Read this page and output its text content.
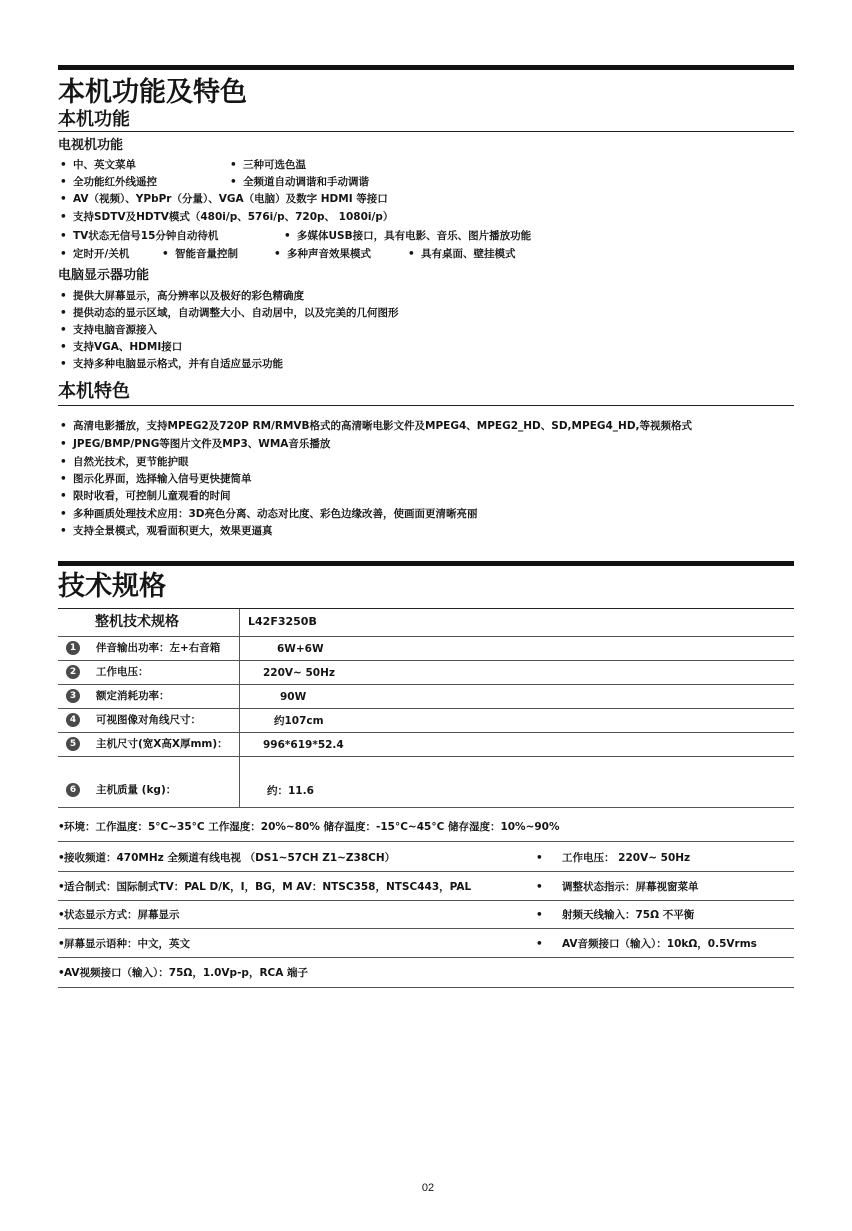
本机功能及特色
本机功能
电视机功能
• 中、英文菜单	• 三种可选色温
• 全功能红外线遥控	• 全频道自动调谐和手动调谐
• AV（视频）、YPbPr（分量）、VGA（电脑）及数字 HDMI 等接口
• 支持SDTV及HDTV模式（480i/p、576i/p、720p、 1080i/p）
• TV状态无信号15分钟自动待机	• 多媒体USB接口，具有电影、音乐、图片播放功能
• 定时开/关机	• 智能音量控制	• 多种声音效果模式	• 具有桌面、壁挂模式
电脑显示器功能
• 提供大屏幕显示，高分辨率以及极好的彩色精确度
• 提供动态的显示区域，自动调整大小、自动居中，以及完美的几何图形
• 支持电脑音源接入
• 支持VGA、HDMI接口
• 支持多种电脑显示格式，并有自适应显示功能
本机特色
• 高清电影播放，支持MPEG2及720P RM/RMVB格式的高清晰电影文件及MPEG4、MPEG2_HD、SD,MPEG4_HD,等视频格式
• JPEG/BMP/PNG等图片文件及MP3、WMA音乐播放
• 自然光技术，更节能护眼
• 图示化界面，选择输入信号更快捷简单
• 限时收看，可控制儿童观看的时间
• 多种画质处理技术应用：3D亮色分离、动态对比度、彩色边缘改善，使画面更清晰亮丽
• 支持全景模式，观看面积更大，效果更逼真
技术规格
整机技术规格	L42F3250B
1	伴音输出功率：左+右音箱	6W+6W
2	工作电压：	220V~ 50Hz
3	额定消耗功率：	90W
4	可视图像对角线尺寸：	约107cm
5	主机尺寸(宽X高X厚mm)：	996*619*52.4
6	主机质量 (kg)：	约：11.6
• 环境：工作温度：5°C~35°C 工作湿度：20%~80% 储存温度：-15°C~45°C 储存湿度：10%~90%
• 接收频道：470MHz 全频道有线电视 （DS1~57CH Z1~Z38CH）	• 工作电压： 220V~ 50Hz
• 适合制式：国际制式TV：PAL D/K，I，BG，M AV：NTSC358，NTSC443，PAL	• 调整状态指示：屏幕视窗菜单
• 状态显示方式：屏幕显示	• 射频天线输入：75Ω 不平衡
• 屏幕显示语种：中文，英文	• AV音频接口（输入）：10kΩ，0.5Vrms
• AV视频接口（输入）：75Ω，1.0Vp-p，RCA 端子
02
